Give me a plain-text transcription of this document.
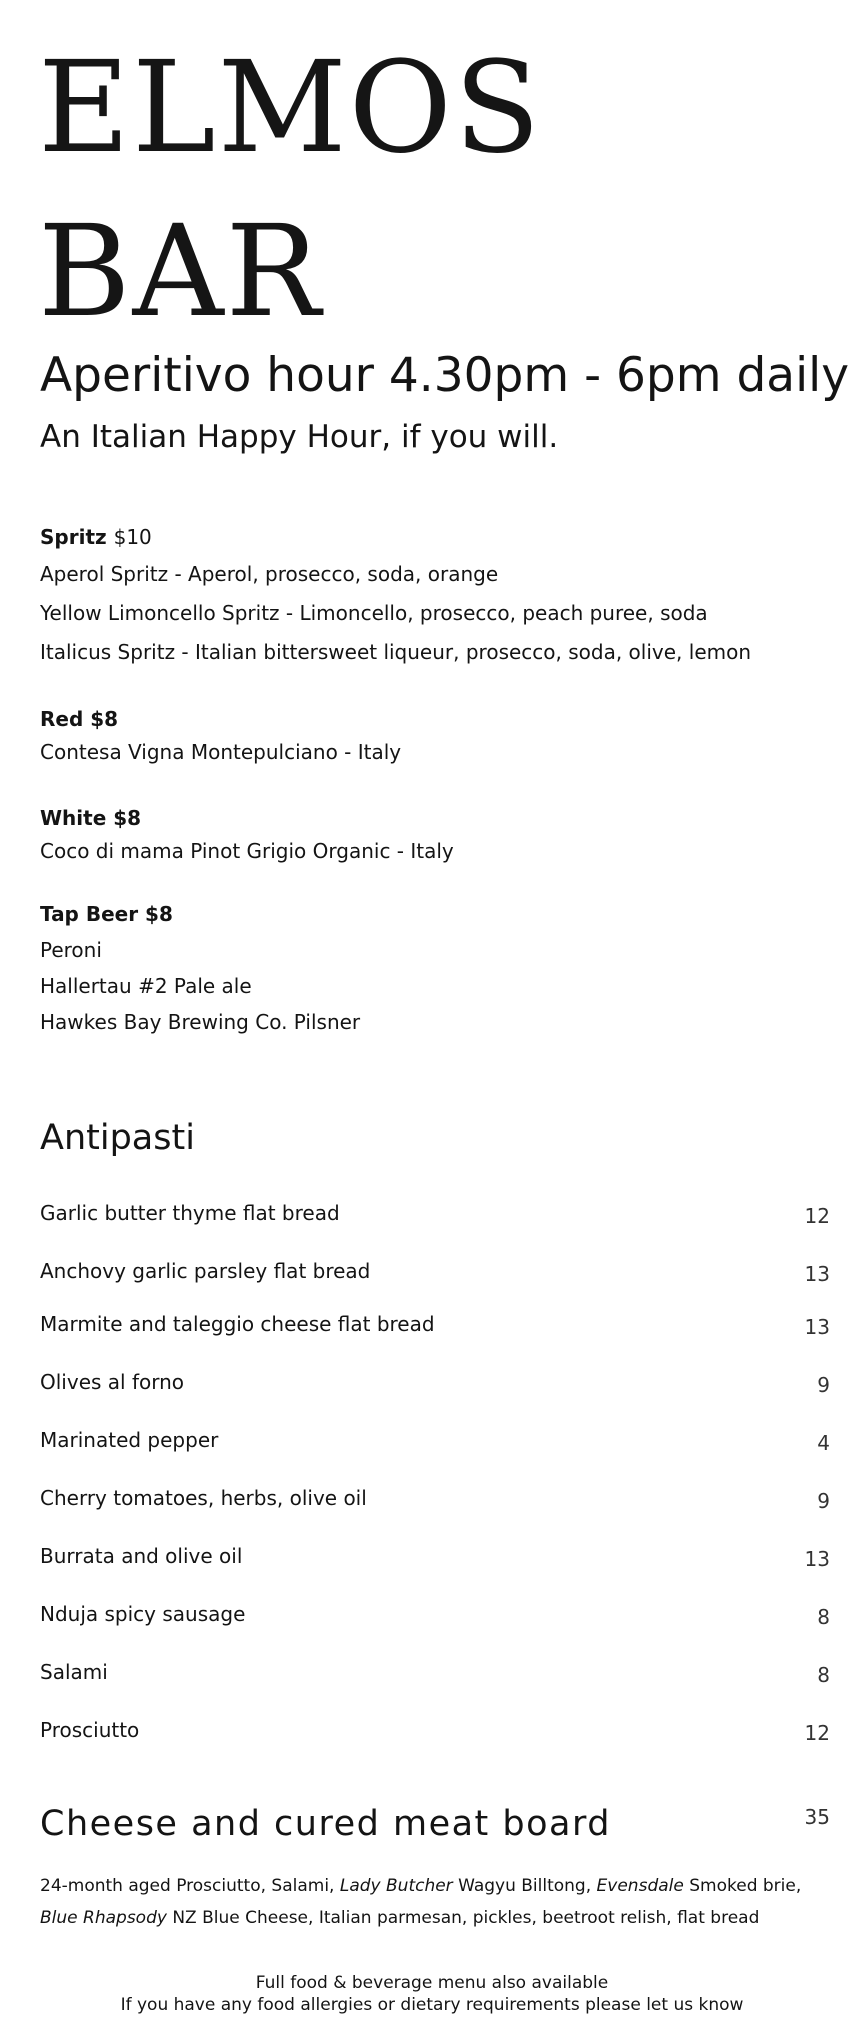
ELMOS
BAR
Aperitivo hour 4.30pm - 6pm daily
An Italian Happy Hour, if you will.
Spritz $10
Aperol Spritz - Aperol, prosecco, soda, orange
Yellow Limoncello Spritz - Limoncello, prosecco, peach puree, soda
Italicus Spritz - Italian bittersweet liqueur, prosecco, soda, olive, lemon
Red $8
Contesa Vigna Montepulciano - Italy
White $8
Coco di mama Pinot Grigio Organic - Italy
Tap Beer $8
Peroni
Hallertau #2 Pale ale
Hawkes Bay Brewing Co. Pilsner
Antipasti
Garlic butter thyme flat bread	12
Anchovy garlic parsley flat bread	13
Marmite and taleggio cheese flat bread	13
Olives al forno	9
Marinated pepper	4
Cherry tomatoes, herbs, olive oil	9
Burrata and olive oil	13
Nduja spicy sausage	8
Salami	8
Prosciutto	12
Cheese and cured meat board	35
24-month aged Prosciutto, Salami, Lady Butcher Wagyu Billtong, Evensdale Smoked brie,
Blue Rhapsody NZ Blue Cheese, Italian parmesan, pickles, beetroot relish, flat bread
Full food & beverage menu also available
If you have any food allergies or dietary requirements please let us know
